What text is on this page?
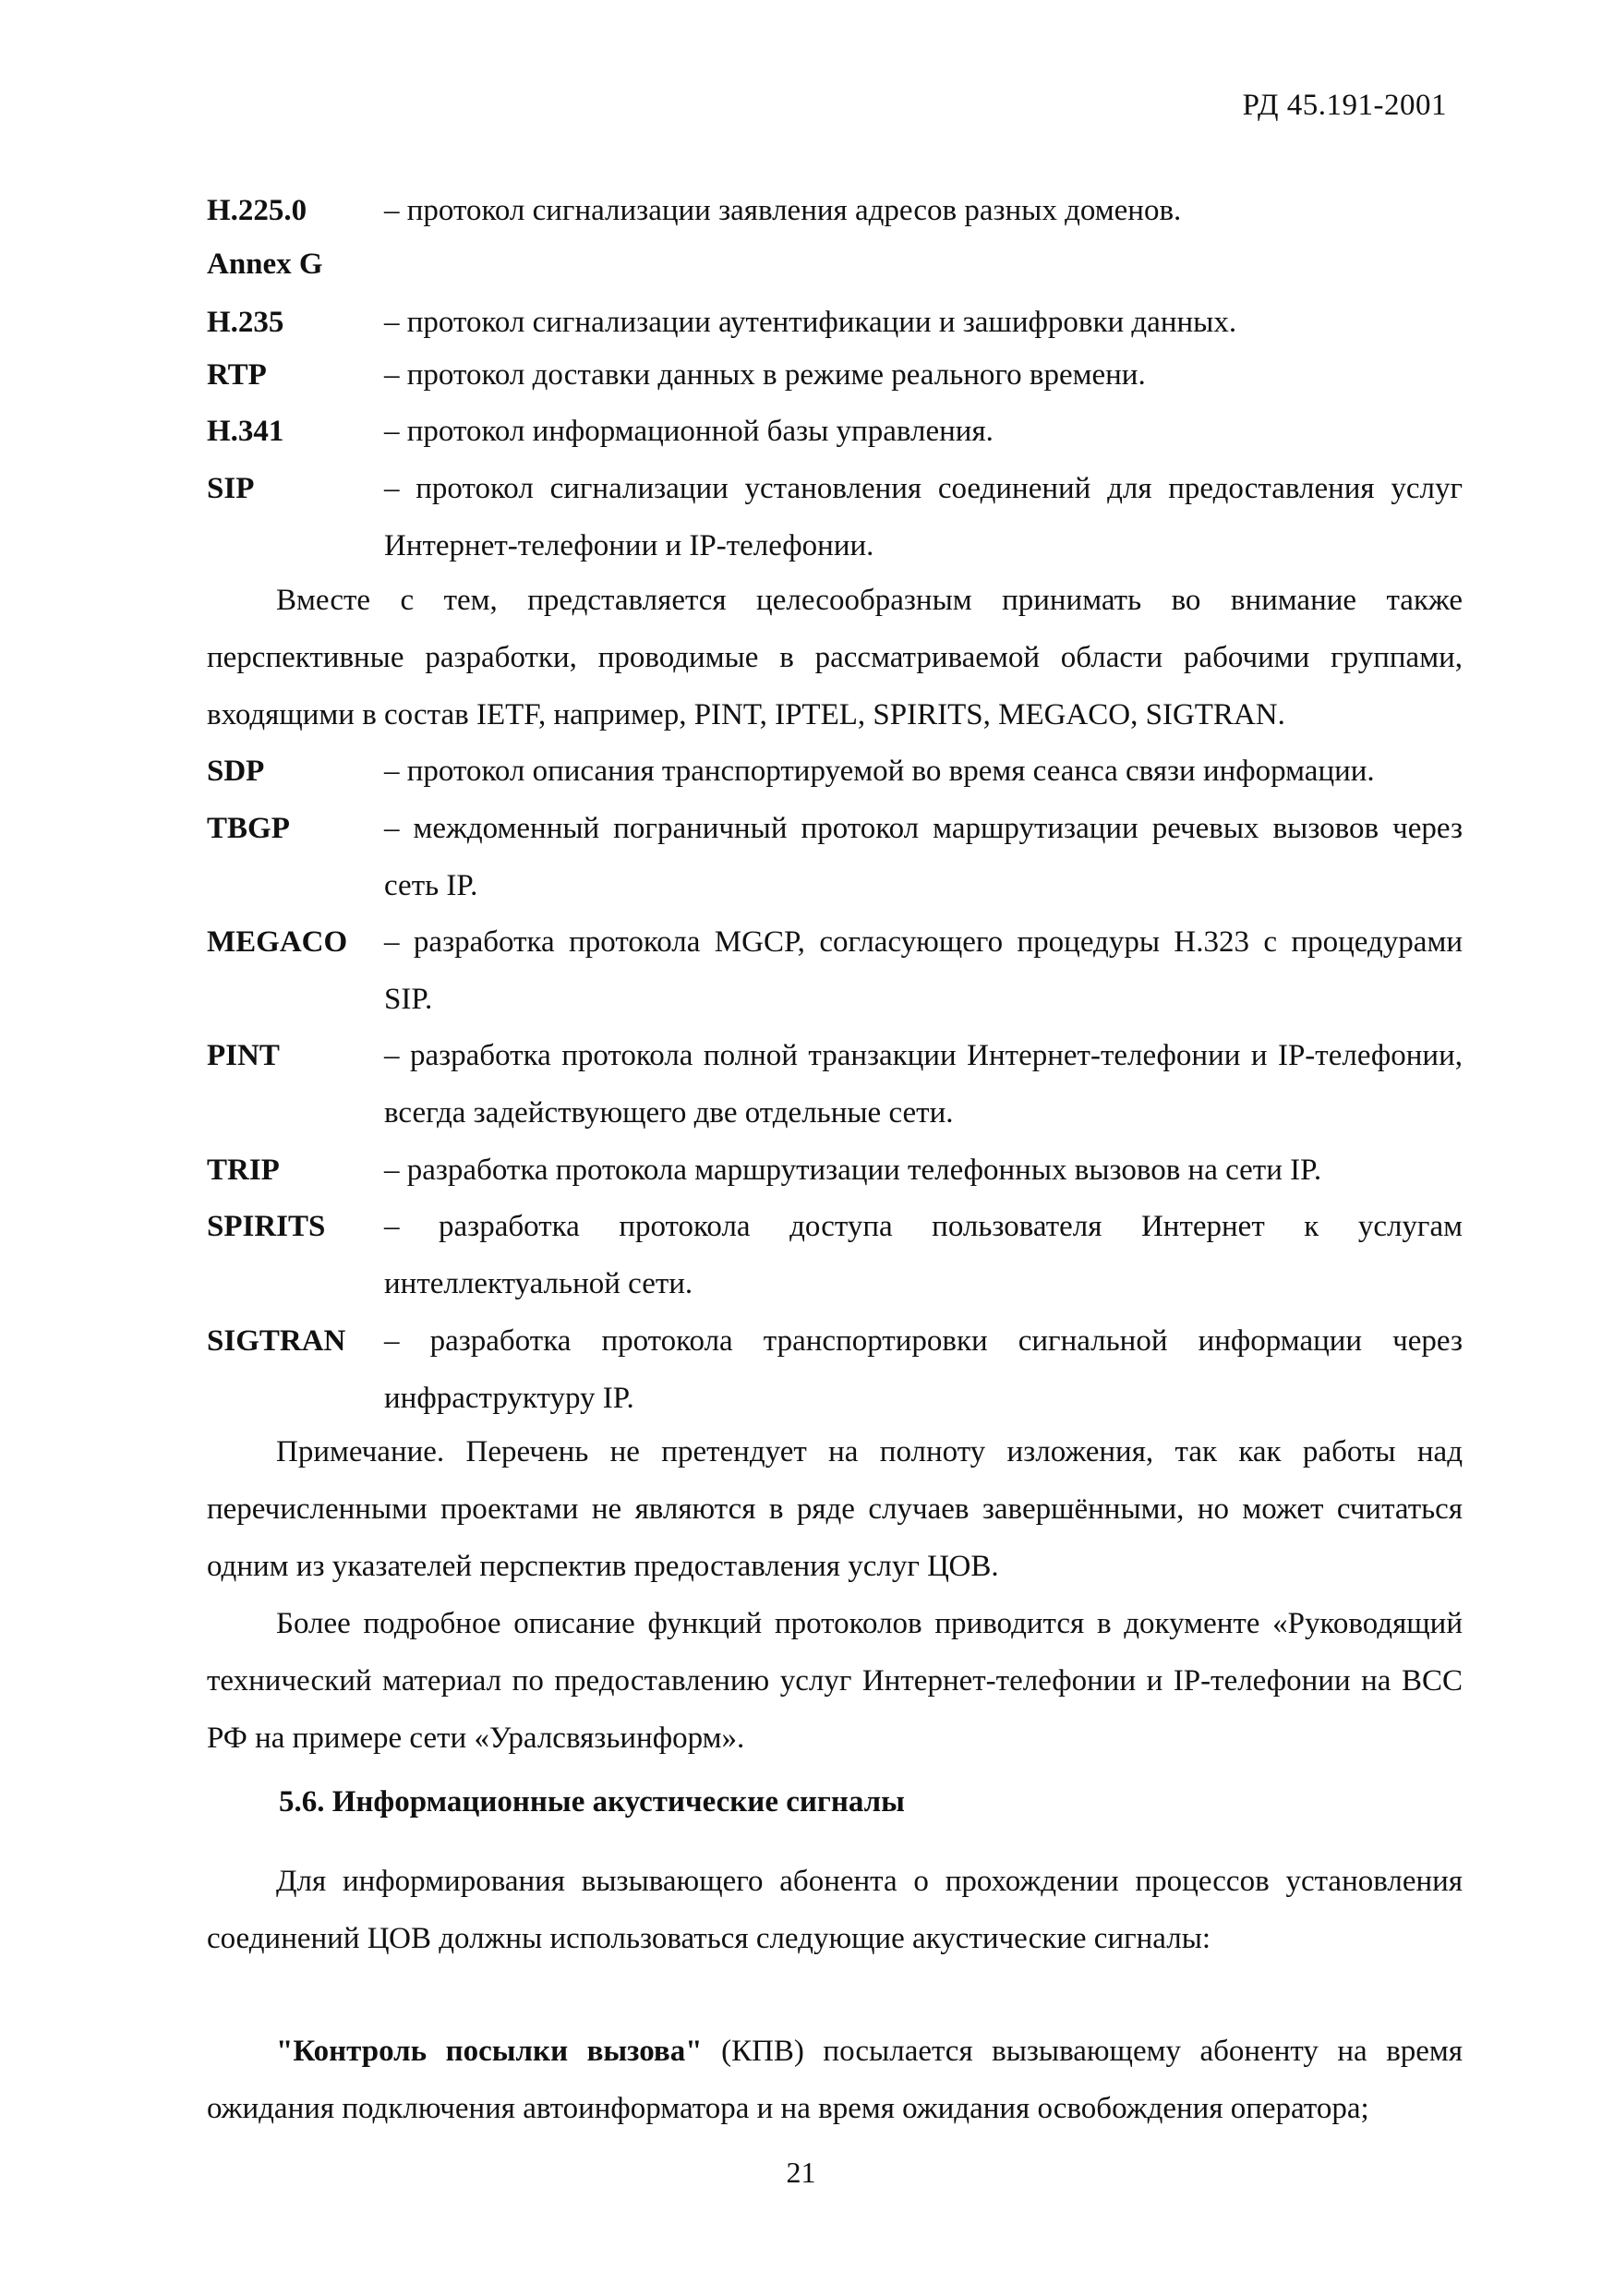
РД 45.191-2001
H.225.0	– протокол сигнализации заявления адресов разных доменов.
Annex G

H.235	– протокол сигнализации аутентификации и зашифровки данных.
RTP	– протокол доставки данных в режиме реального времени.
H.341	– протокол информационной базы управления.
SIP	– протокол сигнализации установления соединений для предоставления услуг Интернет-телефонии и IP-телефонии.
Вместе с тем, представляется целесообразным принимать во внимание также перспективные разработки, проводимые в рассматриваемой области рабочими группами, входящими в состав IETF, например, PINT, IPTEL, SPIRITS, MEGACO, SIGTRAN.
SDP	– протокол описания транспортируемой во время сеанса связи информации.
TBGP	– междоменный пограничный протокол маршрутизации речевых вызовов через сеть IP.
MEGACO – разработка протокола MGCP, согласующего процедуры H.323 с процедурами SIP.
PINT	– разработка протокола полной транзакции Интернет-телефонии и IP-телефонии, всегда задействующего две отдельные сети.
TRIP	– разработка протокола маршрутизации телефонных вызовов на сети IP.
SPIRITS – разработка протокола доступа пользователя Интернет к услугам интеллектуальной сети.
SIGTRAN – разработка протокола транспортировки сигнальной информации через инфраструктуру IP.
Примечание. Перечень не претендует на полноту изложения, так как работы над перечисленными проектами не являются в ряде случаев завершёнными, но может считаться одним из указателей перспектив предоставления услуг ЦОВ.
Более подробное описание функций протоколов приводится в документе «Руководящий технический материал по предоставлению услуг Интернет-телефонии и IP-телефонии на ВСС РФ на примере сети «Уралсвязьинформ».
5.6. Информационные акустические сигналы
Для информирования вызывающего абонента о прохождении процессов установления соединений ЦОВ должны использоваться следующие акустические сигналы:
"Контроль посылки вызова" (КПВ) посылается вызывающему абоненту на время ожидания подключения автоинформатора и на время ожидания освобождения оператора;
21
